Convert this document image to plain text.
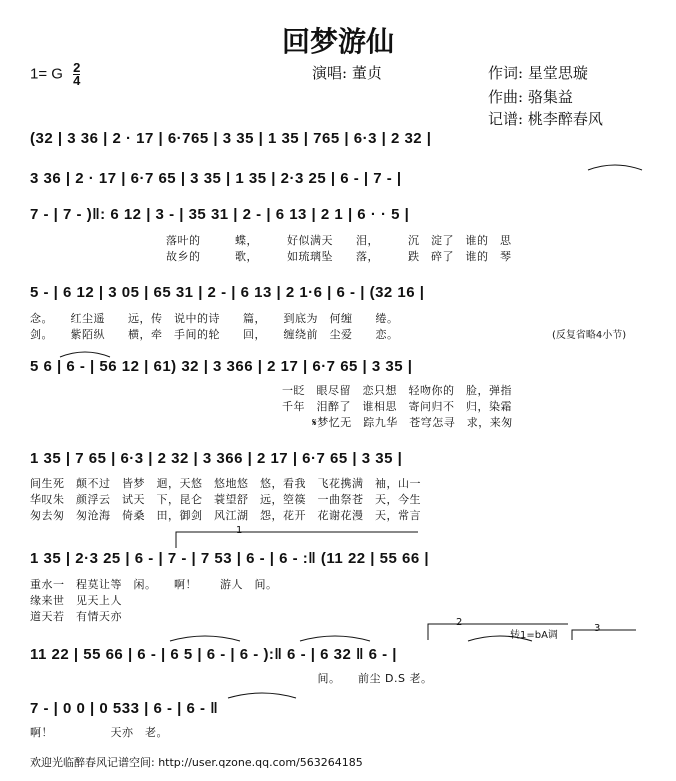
回梦游仙
1= G $\frac{2}{4}$	演唱: 董贞	作词: 星堂思璇
作曲: 骆集益
记谱: 桃李醉春风
1
2
3
转1=bA调
(32 | 3 36 | 2 · 17 | 6·765 | 3 35 | 1 35 | 765 | 6·3 | 2 32 |
3 36 | 2 · 17 | 6·7 65 | 3 35 | 1 35 | 2·3 25 | 6 - | 7 - |
7 - | 7 - )‖: 6 12 | 3 - | 35 31 | 2 - | 6 13 | 2 1 | 6 · · 5 |
落叶的　　　蝶，　　　好似满天　　泪，　　　沉　淀了　谁的　思
故乡的　　　歌，　　　如琉璃坠　　落，　　　跌　碎了　谁的　琴
5 - | 6 12 | 3 05 | 65 31 | 2 - | 6 13 | 2 1·6 | 6 - | (32 16 |
念。　　红尘遥　　远，传　说中的诗　　篇，　　到底为　何缠　　绻。
剑。　　紫陌纵　　横，牵　手间的轮　　回，　　缠绕前　尘爱　　恋。	(反复省略4小节)
5 6 | 6 - | 56 12 | 61) 32 | 3 366 | 2 17 | 6·7 65 | 3 35 |
一眨　眼尽留　恋只想　轻吻你的　脸，弹指
千年　泪醉了　谁相思　寄问归不　归，染霜
𝄋梦忆无　踪九华　苍穹怎寻　求，来匆
1 35 | 7 65 | 6·3 | 2 32 | 3 366 | 2 17 | 6·7 65 | 3 35 |
间生死　颠不过　皆梦　迴，天悠　悠地悠　悠，看我　飞花携满　袖，山一
华叹朱　颜浮云　试天　下，昆仑　蓑望舒　远，箜篌　一曲祭苍　天，今生
匆去匆　匆沧海　倚桑　田，御剑　风江湖　怨，花开　花谢花漫　天，常言
1 35 | 2·3 25 | 6 - | 7 - | 7 53 | 6 - | 6 - :‖ (11 22 | 55 66 |
重水一　程莫让等　闲。　　啊！　　游人　间。
缘来世　见天上人
道天若　有情天亦
11 22 | 55 66 | 6 - | 6 5 | 6 - | 6 - ):‖ 6 - | 6 32 ‖ 6 - |
　　　　　　　　　　　　　　　　　　　　　　　　　间。　　前尘 D.S 老。
7 - | 0 0 | 0 533 | 6 - | 6 - ‖
啊！　　　　　天亦　老。
欢迎光临醉春风记谱空间: http://user.qzone.qq.com/563264185
